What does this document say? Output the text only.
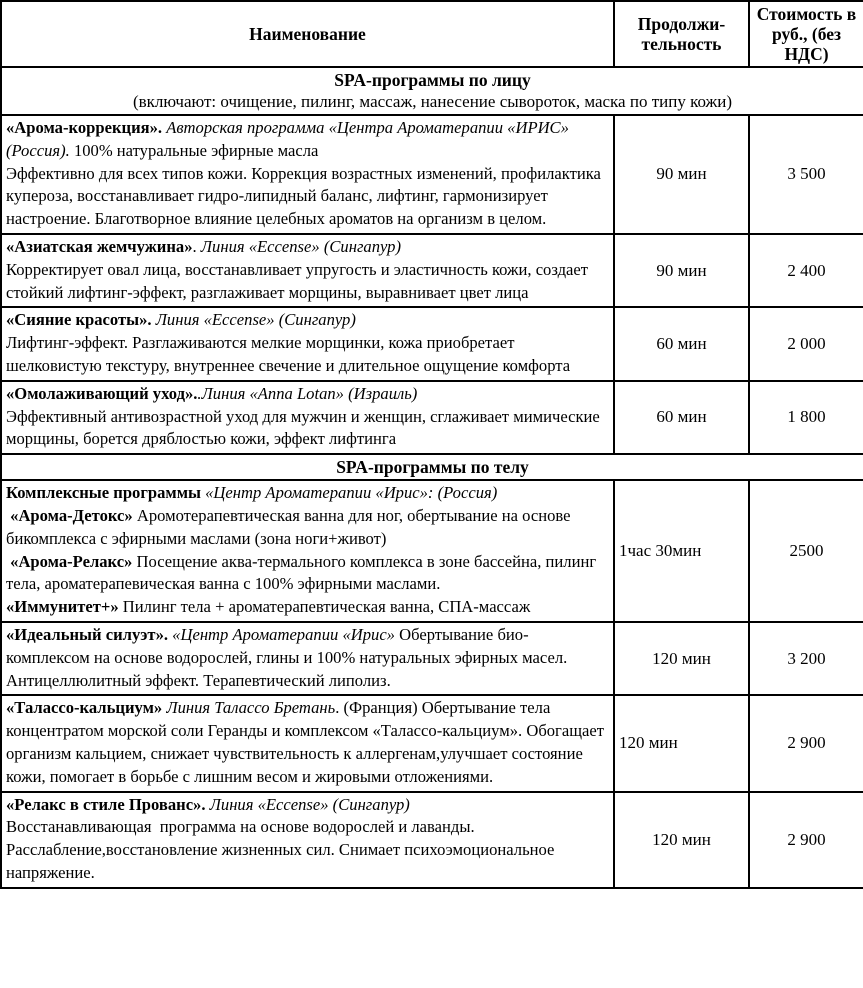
Наименование	Продолжи-тельность	Стоимость в руб., (без НДС)

SPA-программы по лицу
(включают: очищение, пилинг, массаж, нанесение сывороток, маска по типу кожи)		

«Арома-коррекция». Авторская программа «Центра Ароматерапии «ИРИС» (Россия). 100% натуральные эфирные масла
Эффективно для всех типов кожи. Коррекция возрастных изменений, профилактика купероза, восстанавливает гидро-липидный баланс, лифтинг, гармонизирует настроение. Благотворное влияние целебных ароматов на организм в целом.	90 мин	3 500
«Азиатская жемчужина». Линия «Eccense» (Сингапур)
Корректирует овал лица, восстанавливает упругость и эластичность кожи, создает стойкий лифтинг-эффект, разглаживает морщины, выравнивает цвет лица	90 мин	2 400
«Сияние красоты». Линия «Eccense» (Сингапур)
Лифтинг-эффект. Разглаживаются мелкие морщинки, кожа приобретает шелковистую текстуру, внутреннее свечение и длительное ощущение комфорта	60 мин	2 000
«Омолаживающий уход»..Линия «Anna Lotan» (Израиль)
Эффективный антивозрастной уход для мужчин и женщин, сглаживает мимические морщины, борется дряблостью кожи, эффект лифтинга	60 мин	1 800

SPA-программы по телу		

Комплексные программы «Центр Ароматерапии «Ирис»: (Россия)
«Арома-Детокс» Аромотерапевтическая ванна для ног, обертывание на основе бикомплекса с эфирными маслами (зона ноги+живот)
«Арома-Релакс» Посещение аква-термального комплекса в зоне бассейна, пилинг тела, ароматерапевическая ванна с 100% эфирными маслами.
«Иммунитет+» Пилинг тела + ароматерапевтическая ванна, СПА-массаж	1час 30мин	2500
«Идеальный силуэт». «Центр Ароматерапии «Ирис» Обертывание био-комплексом на основе водорослей, глины и 100% натуральных эфирных масел.
Антицеллюлитный эффект. Терапевтический липолиз.	120 мин	3 200
«Талассо-кальциум» Линия Талассо Бретань. (Франция) Обертывание тела   концентратом морской соли Геранды и комплексом «Талассо-кальциум». Обогащает организм кальцием, снижает чувствительность к аллергенам,улучшает состояние кожи, помогает в борьбе с лишним весом и жировыми отложениями.	120 мин	2 900
«Релакс в стиле Прованс». Линия «Eccense» (Сингапур)
Восстанавливающая  программа на основе водорослей и лаванды. Расслабление,восстановление жизненных сил. Снимает психоэмоциональное напряжение.	120 мин	2 900
